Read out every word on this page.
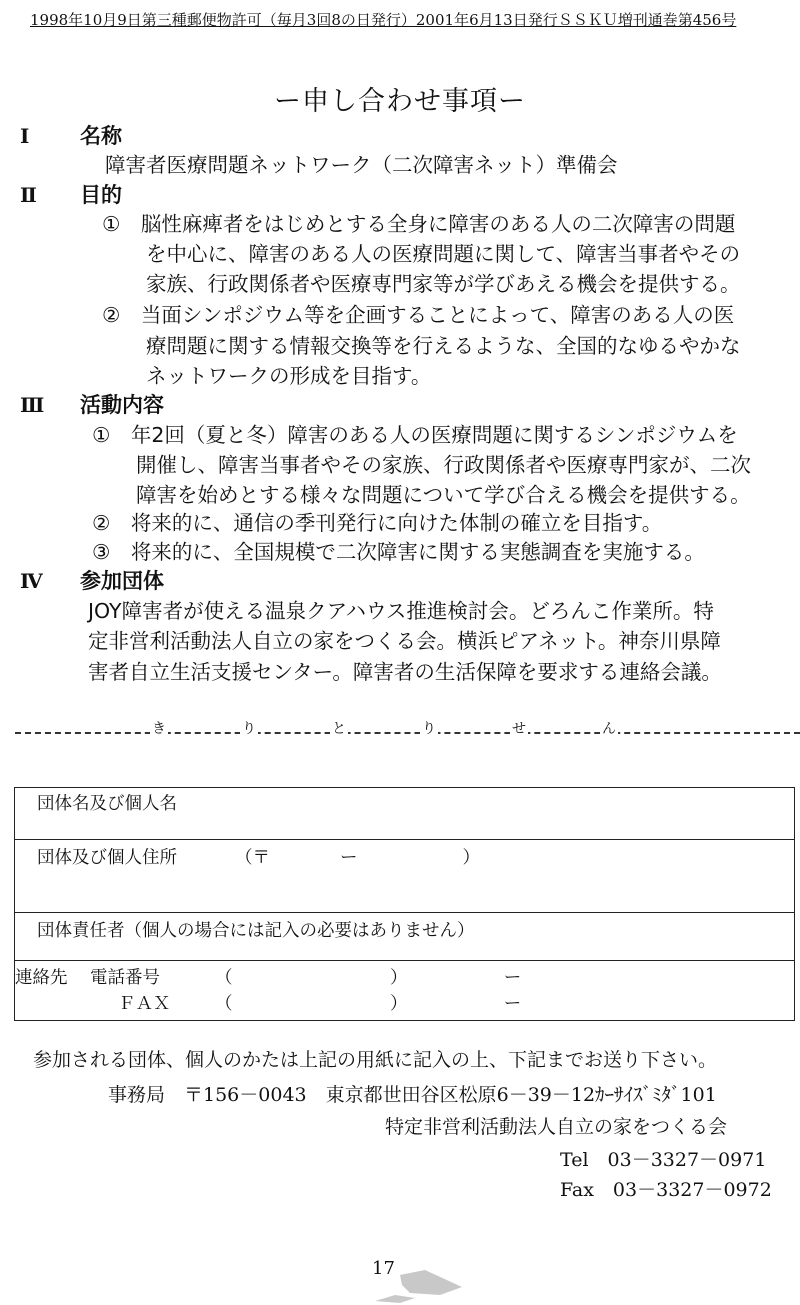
1998年10月9日第三種郵便物許可（毎月3回8の日発行）2001年6月13日発行ＳＳＫＵ増刊通巻第456号
ー申し合わせ事項ー
Ⅰ 名称
障害者医療問題ネットワーク（二次障害ネット）準備会
Ⅱ 目的
①　脳性麻痺者をはじめとする全身に障害のある人の二次障害の問題
を中心に、障害のある人の医療問題に関して、障害当事者やその
家族、行政関係者や医療専門家等が学びあえる機会を提供する。
②　当面シンポジウム等を企画することによって、障害のある人の医
療問題に関する情報交換等を行えるような、全国的なゆるやかな
ネットワークの形成を目指す。
Ⅲ 活動内容
①　年2回（夏と冬）障害のある人の医療問題に関するシンポジウムを
開催し、障害当事者やその家族、行政関係者や医療専門家が、二次
障害を始めとする様々な問題について学び合える機会を提供する。
②　将来的に、通信の季刊発行に向けた体制の確立を目指す。
③　将来的に、全国規模で二次障害に関する実態調査を実施する。
Ⅳ 参加団体
JOY障害者が使える温泉クアハウス推進検討会。どろんこ作業所。特
定非営利活動法人自立の家をつくる会。横浜ピアネット。神奈川県障
害者自立生活支援センター。障害者の生活保障を要求する連絡会議。
き	り	と	り	せ	ん
団体名及び個人名
団体及び個人住所	（〒　　　　ー　　　　　　）
団体責任者（個人の場合には記入の必要はありません）
連絡先 電話番号	（　　　　　　　　　）　　　　　　ー
ＦＡＸ	（　　　　　　　　　）　　　　　　ー
参加される団体、個人のかたは上記の用紙に記入の上、下記までお送り下さい。
事務局　〒156－0043　東京都世田谷区松原6－39－12ｶｰｻｲｽﾞﾐﾀﾞ101
特定非営利活動法人自立の家をつくる会
Tel　03－3327－0971
Fax　03－3327－0972
17
